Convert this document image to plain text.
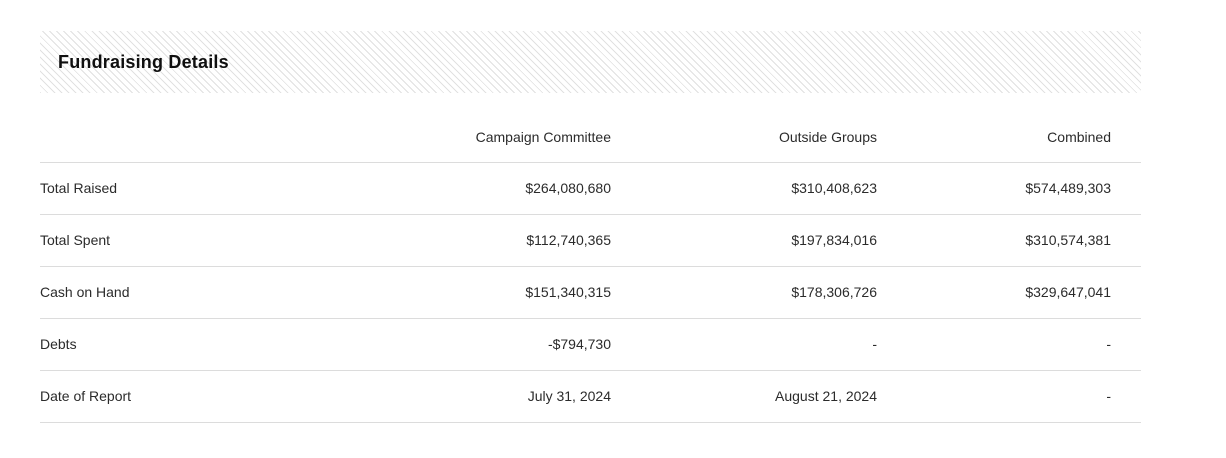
Fundraising Details
	Campaign Committee	Outside Groups	Combined
Total Raised	$264,080,680	$310,408,623	$574,489,303
Total Spent	$112,740,365	$197,834,016	$310,574,381
Cash on Hand	$151,340,315	$178,306,726	$329,647,041
Debts	-$794,730	-	-
Date of Report	July 31, 2024	August 21, 2024	-
